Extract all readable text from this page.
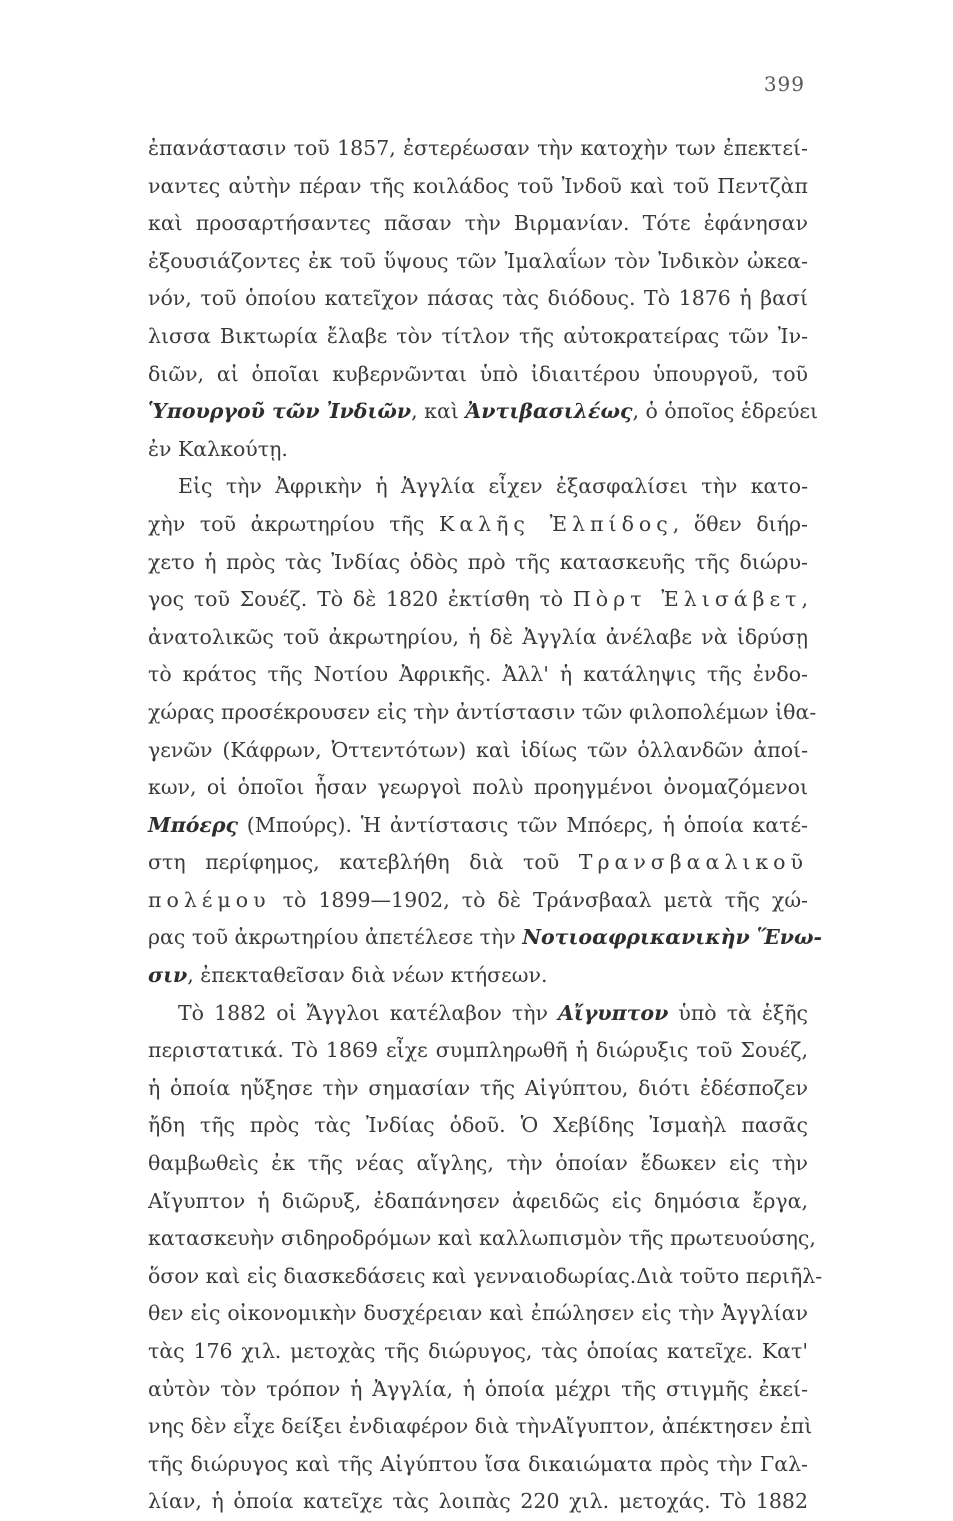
399
ἐπανάστασιν τοῦ 1857, ἐστερέωσαν τὴν κατοχὴν των ἐπεκτεί-
ναντες αὐτὴν πέραν τῆς κοιλάδος τοῦ Ἰνδοῦ καὶ τοῦ Πεντζὰπ
καὶ προσαρτήσαντες πᾶσαν τὴν Βιρμανίαν. Τότε ἐφάνησαν
ἐξουσιάζοντες ἐκ τοῦ ὕψους τῶν Ἰμαλαΐων τὸν Ἰνδικὸν ὠκεα-
νόν, τοῦ ὁποίου κατεῖχον πάσας τὰς διόδους. Τὸ 1876 ἡ βασί
λισσα Βικτωρία ἔλαβε τὸν τίτλον τῆς αὐτοκρατείρας τῶν Ἰν-
διῶν, αἱ ὁποῖαι κυβερνῶνται ὑπὸ ἰδιαιτέρου ὑπουργοῦ, τοῦ
Ὑπουργοῦ τῶν Ἰνδιῶν, καὶ Ἀντιβασιλέως, ὁ ὁποῖος ἑδρεύει
ἐν Καλκούτῃ.
Εἰς τὴν Ἀφρικὴν ἡ Ἀγγλία εἶχεν ἐξασφαλίσει τὴν κατο-
χὴν τοῦ ἀκρωτηρίου τῆς Καλῆς Ἐλπίδος, ὅθεν διήρ-
χετο ἡ πρὸς τὰς Ἰνδίας ὁδὸς πρὸ τῆς κατασκευῆς τῆς διώρυ-
γος τοῦ Σουέζ. Τὸ δὲ 1820 ἐκτίσθη τὸ Πὸρτ Ἐλισάβετ,
ἀνατολικῶς τοῦ ἀκρωτηρίου, ἡ δὲ Ἀγγλία ἀνέλαβε νὰ ἱδρύσῃ
τὸ κράτος τῆς Νοτίου Ἀφρικῆς. Ἀλλ' ἡ κατάληψις τῆς ἐνδο-
χώρας προσέκρουσεν εἰς τὴν ἀντίστασιν τῶν φιλοπολέμων ἰθα-
γενῶν (Κάφρων, Ὀττεντότων) καὶ ἰδίως τῶν ὁλλανδῶν ἀποί-
κων, οἱ ὁποῖοι ἦσαν γεωργοὶ πολὺ προηγμένοι ὀνομαζόμενοι
Μπόερς (Μπούρς). Ἡ ἀντίστασις τῶν Μπόερς, ἡ ὁποία κατέ-
στη περίφημος, κατεβλήθη διὰ τοῦ Τρανσβααλικοῦ
πολέμου τὸ 1899—1902, τὸ δὲ Τράνσβααλ μετὰ τῆς χώ-
ρας τοῦ ἀκρωτηρίου ἀπετέλεσε τὴν Νοτιοαφρικανικὴν Ἕνω-
σιν, ἐπεκταθεῖσαν διὰ νέων κτήσεων.
Τὸ 1882 οἱ Ἄγγλοι κατέλαβον τὴν Αἴγυπτον ὑπὸ τὰ ἑξῆς
περιστατικά. Τὸ 1869 εἶχε συμπληρωθῆ ἡ διώρυξις τοῦ Σουέζ,
ἡ ὁποία ηὔξησε τὴν σημασίαν τῆς Αἰγύπτου, διότι ἐδέσποζεν
ἤδη τῆς πρὸς τὰς Ἰνδίας ὁδοῦ. Ὁ Χεβίδης Ἰσμαὴλ πασᾶς
θαμβωθεὶς ἐκ τῆς νέας αἴγλης, τὴν ὁποίαν ἔδωκεν εἰς τὴν
Αἴγυπτον ἡ διῶρυξ, ἐδαπάνησεν ἀφειδῶς εἰς δημόσια ἔργα,
κατασκευὴν σιδηροδρόμων καὶ καλλωπισμὸν τῆς πρωτευούσης,
ὅσον καὶ εἰς διασκεδάσεις καὶ γενναιοδωρίας.Διὰ τοῦτο περιῆλ-
θεν εἰς οἰκονομικὴν δυσχέρειαν καὶ ἐπώλησεν εἰς τὴν Ἀγγλίαν
τὰς 176 χιλ. μετοχὰς τῆς διώρυγος, τὰς ὁποίας κατεῖχε. Κατ'
αὐτὸν τὸν τρόπον ἡ Ἀγγλία, ἡ ὁποία μέχρι τῆς στιγμῆς ἐκεί-
νης δὲν εἶχε δείξει ἐνδιαφέρον διὰ τὴνΑἴγυπτον, ἀπέκτησεν ἐπὶ
τῆς διώρυγος καὶ τῆς Αἰγύπτου ἴσα δικαιώματα πρὸς τὴν Γαλ-
λίαν, ἡ ὁποία κατεῖχε τὰς λοιπὰς 220 χιλ. μετοχάς. Τὸ 1882
